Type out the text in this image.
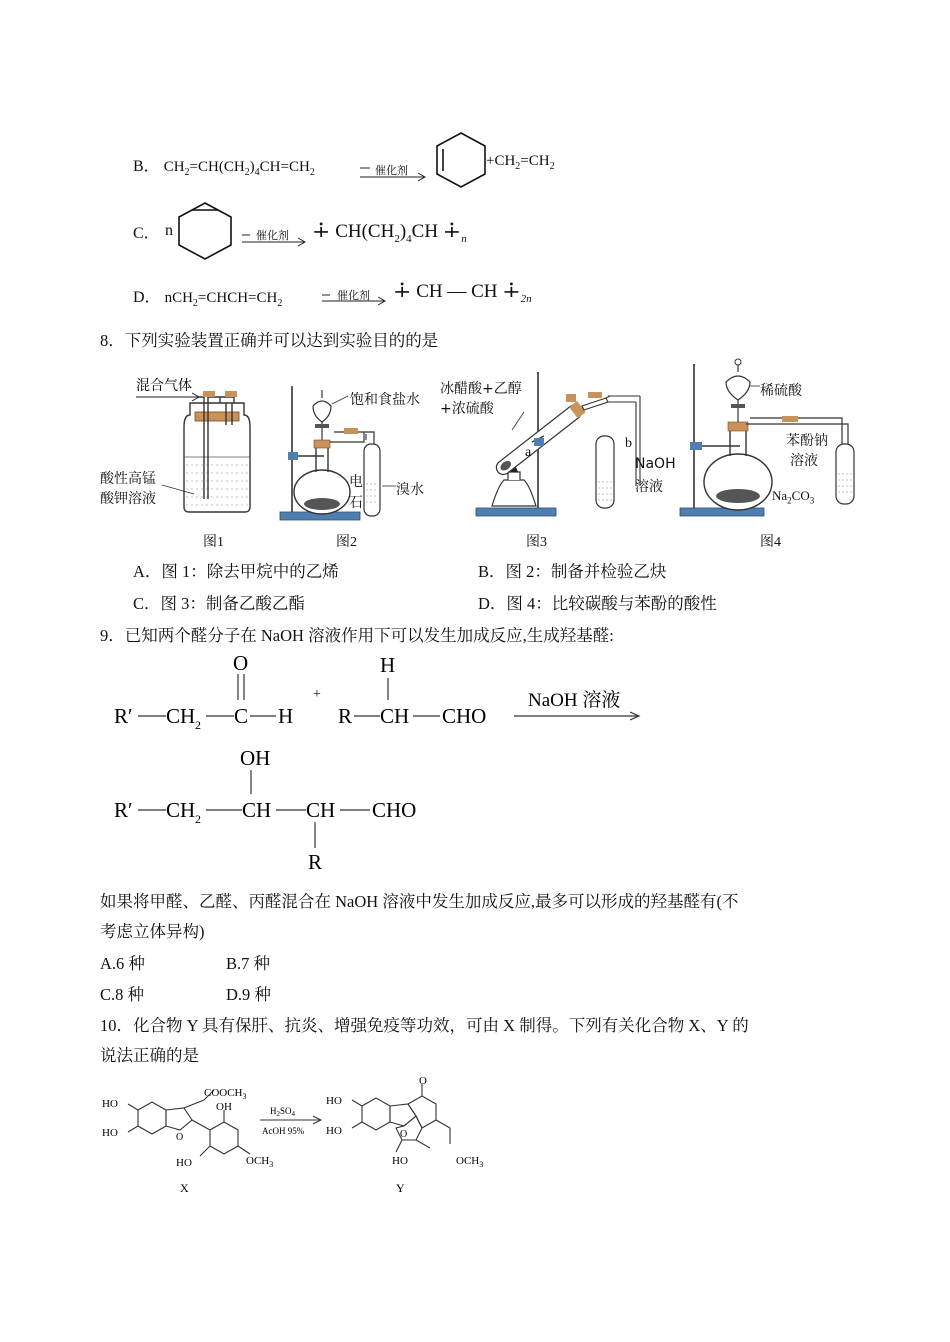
B． $CH_2=CH(CH_2)_4CH=CH_2$	催化剂
$+CH_2=CH_2$
C． n	催化剂 ∔ $CH(CH_2)_4CH$ $∔_n$
D． $nCH_2=CHCH=CH_2$
催化剂 ∔ CH — CH $∔_{2n}$
8．下列实验装置正确并可以达到实验目的的是
混合气体
酸性高锰
酸钾溶液
图1
饱和食盐水
电
石
溴水
图2
冰醋酸+乙醇
+浓硫酸
a
b
NaOH
溶液
图3
稀硫酸
苯酚钠
溶液
$Na_2CO_3$
图4
A．图 1：除去甲烷中的乙烯	B．图 2：制备并检验乙炔
C．图 3：制备乙酸乙酯	D．图 4：比较碳酸与苯酚的酸性
9．已知两个醛分子在 NaOH 溶液作用下可以发生加成反应,生成羟基醛:
R′ CH 2 C
O
H
+
R CH
H
CHO
NaOH 溶液
R′ CH 2 CH
OH
CH
R
CHO
如果将甲醛、乙醛、丙醛混合在 NaOH 溶液中发生加成反应,最多可以形成的羟基醛有(不
考虑立体异构)
A.6 种	B.7 种
C.8 种	D.9 种
10．化合物 Y 具有保肝、抗炎、增强免疫等功效，可由 X 制得。下列有关化合物 X、Y 的
说法正确的是
HO
HO	O
$COOCH_3$
OH
HO	$OCH_3$
X
$H_2SO_4$
AcOH 95%
O
HO
HO	O
HO	$OCH_3$
Y
